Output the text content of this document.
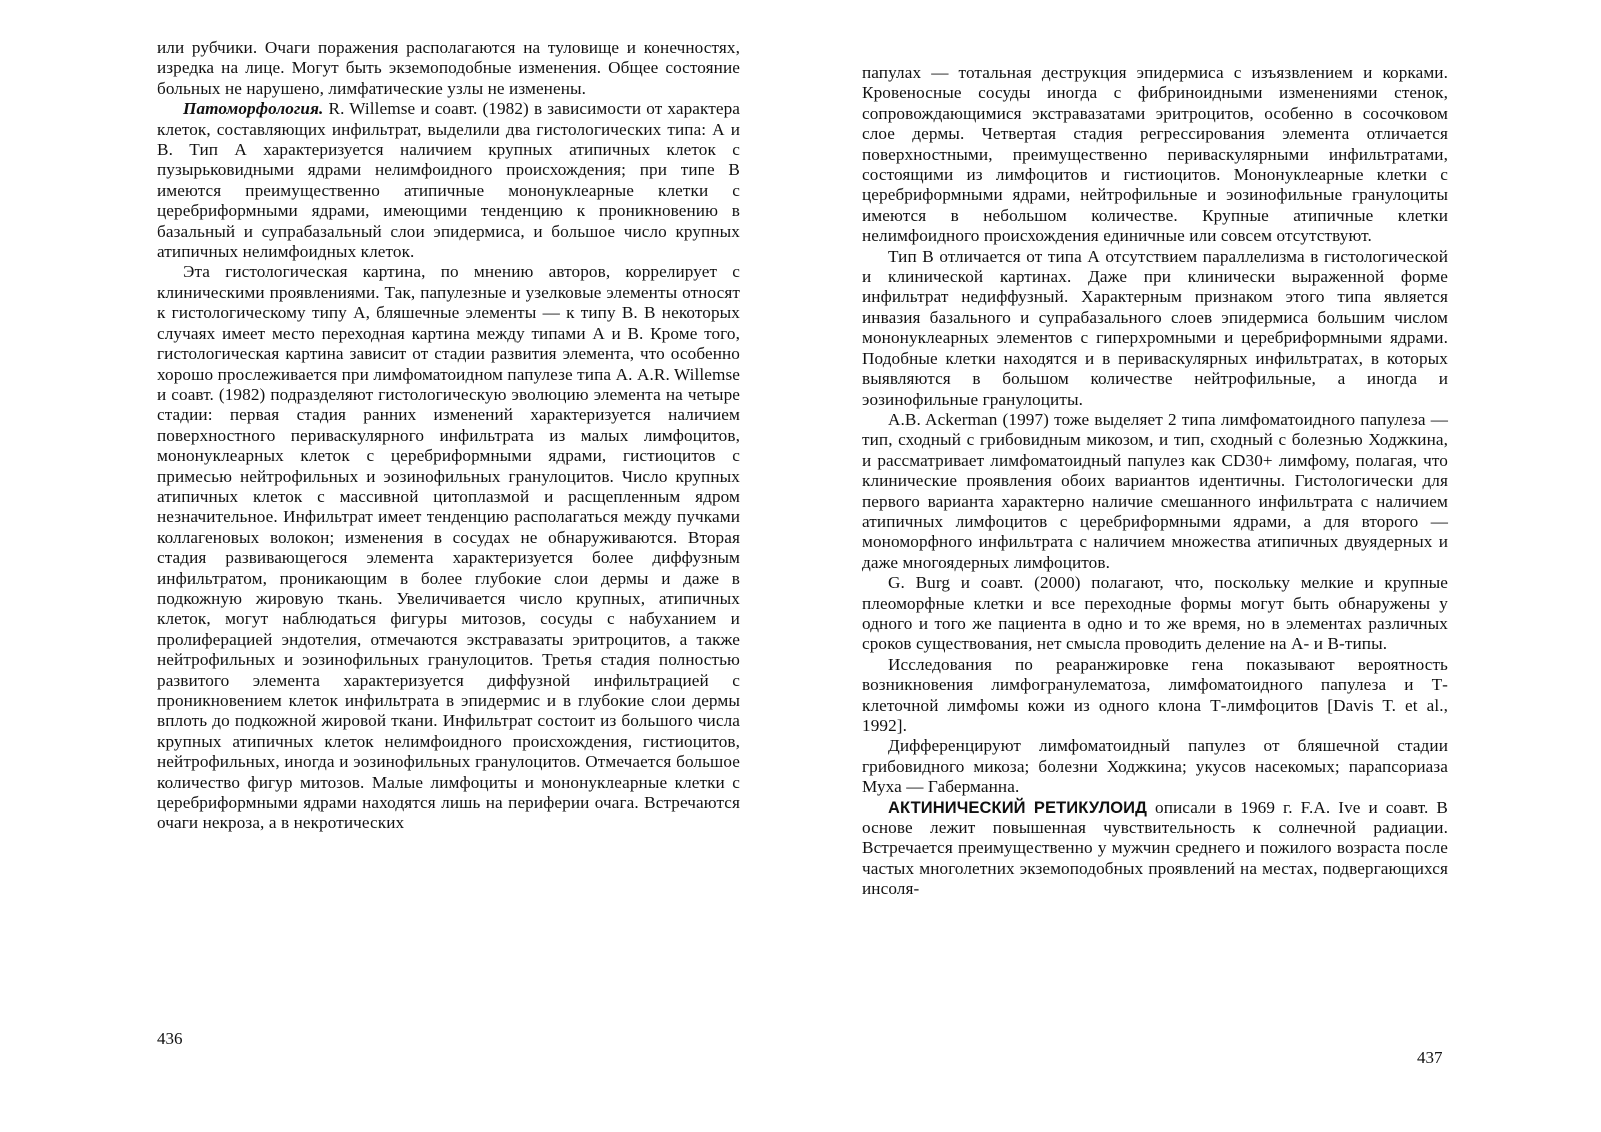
или рубчики. Очаги поражения располагаются на туловище и конечностях, изредка на лице. Могут быть экземоподобные изменения. Общее состояние больных не нарушено, лимфатические узлы не изменены.

Патоморфология. R. Willemse и соавт. (1982) в зависимости от характера клеток, составляющих инфильтрат, выделили два гистологических типа: А и В. Тип А характеризуется наличием крупных атипичных клеток с пузырьковидными ядрами нелимфоидного происхождения; при типе В имеются преимущественно атипичные мононуклеарные клетки с церебриформными ядрами, имеющими тенденцию к проникновению в базальный и супрабазальный слои эпидермиса, и большое число крупных атипичных нелимфоидных клеток.

Эта гистологическая картина, по мнению авторов, коррелирует с клиническими проявлениями. Так, папулезные и узелковые элементы относят к гистологическому типу А, бляшечные элементы — к типу В. В некоторых случаях имеет место переходная картина между типами А и В. Кроме того, гистологическая картина зависит от стадии развития элемента, что особенно хорошо прослеживается при лимфоматоидном папулезе типа А. A.R. Willemse и соавт. (1982) подразделяют гистологическую эволюцию элемента на четыре стадии: первая стадия ранних изменений характеризуется наличием поверхностного периваскулярного инфильтрата из малых лимфоцитов, мононуклеарных клеток с церебриформными ядрами, гистиоцитов с примесью нейтрофильных и эозинофильных гранулоцитов. Число крупных атипичных клеток с массивной цитоплазмой и расщепленным ядром незначительное. Инфильтрат имеет тенденцию располагаться между пучками коллагеновых волокон; изменения в сосудах не обнаруживаются. Вторая стадия развивающегося элемента характеризуется более диффузным инфильтратом, проникающим в более глубокие слои дермы и даже в подкожную жировую ткань. Увеличивается число крупных, атипичных клеток, могут наблюдаться фигуры митозов, сосуды с набуханием и пролиферацией эндотелия, отмечаются экстравазаты эритроцитов, а также нейтрофильных и эозинофильных гранулоцитов. Третья стадия полностью развитого элемента характеризуется диффузной инфильтрацией с проникновением клеток инфильтрата в эпидермис и в глубокие слои дермы вплоть до подкожной жировой ткани. Инфильтрат состоит из большого числа крупных атипичных клеток нелимфоидного происхождения, гистиоцитов, нейтрофильных, иногда и эозинофильных гранулоцитов. Отмечается большое количество фигур митозов. Малые лимфоциты и мононуклеарные клетки с церебриформными ядрами находятся лишь на периферии очага. Встречаются очаги некроза, а в некротических

436

папулах — тотальная деструкция эпидермиса с изъязвлением и корками. Кровеносные сосуды иногда с фибриноидными изменениями стенок, сопровождающимися экстравазатами эритроцитов, особенно в сосочковом слое дермы. Четвертая стадия регрессирования элемента отличается поверхностными, преимущественно периваскулярными инфильтратами, состоящими из лимфоцитов и гистиоцитов. Мононуклеарные клетки с церебриформными ядрами, нейтрофильные и эозинофильные гранулоциты имеются в небольшом количестве. Крупные атипичные клетки нелимфоидного происхождения единичные или совсем отсутствуют.

Тип В отличается от типа А отсутствием параллелизма в гистологической и клинической картинах. Даже при клинически выраженной форме инфильтрат недиффузный. Характерным признаком этого типа является инвазия базального и супрабазального слоев эпидермиса большим числом мононуклеарных элементов с гиперхромными и церебриформными ядрами. Подобные клетки находятся и в периваскулярных инфильтратах, в которых выявляются в большом количестве нейтрофильные, а иногда и эозинофильные гранулоциты.

A.B. Ackerman (1997) тоже выделяет 2 типа лимфоматоидного папулеза — тип, сходный с грибовидным микозом, и тип, сходный с болезнью Ходжкина, и рассматривает лимфоматоидный папулез как CD30+ лимфому, полагая, что клинические проявления обоих вариантов идентичны. Гистологически для первого варианта характерно наличие смешанного инфильтрата с наличием атипичных лимфоцитов с церебриформными ядрами, а для второго — мономорфного инфильтрата с наличием множества атипичных двуядерных и даже многоядерных лимфоцитов.

G. Burg и соавт. (2000) полагают, что, поскольку мелкие и крупные плеоморфные клетки и все переходные формы могут быть обнаружены у одного и того же пациента в одно и то же время, но в элементах различных сроков существования, нет смысла проводить деление на А- и В-типы.

Исследования по реаранжировке гена показывают вероятность возникновения лимфогранулематоза, лимфоматоидного папулеза и Т-клеточной лимфомы кожи из одного клона Т-лимфоцитов [Davis T. et al., 1992].

Дифференцируют лимфоматоидный папулез от бляшечной стадии грибовидного микоза; болезни Ходжкина; укусов насекомых; парапсориаза Муха — Габерманна.

АКТИНИЧЕСКИЙ РЕТИКУЛОИД описали в 1969 г. F.A. Ive и соавт. В основе лежит повышенная чувствительность к солнечной радиации. Встречается преимущественно у мужчин среднего и пожилого возраста после частых многолетних экземоподобных проявлений на местах, подвергающихся инсоля-

437
